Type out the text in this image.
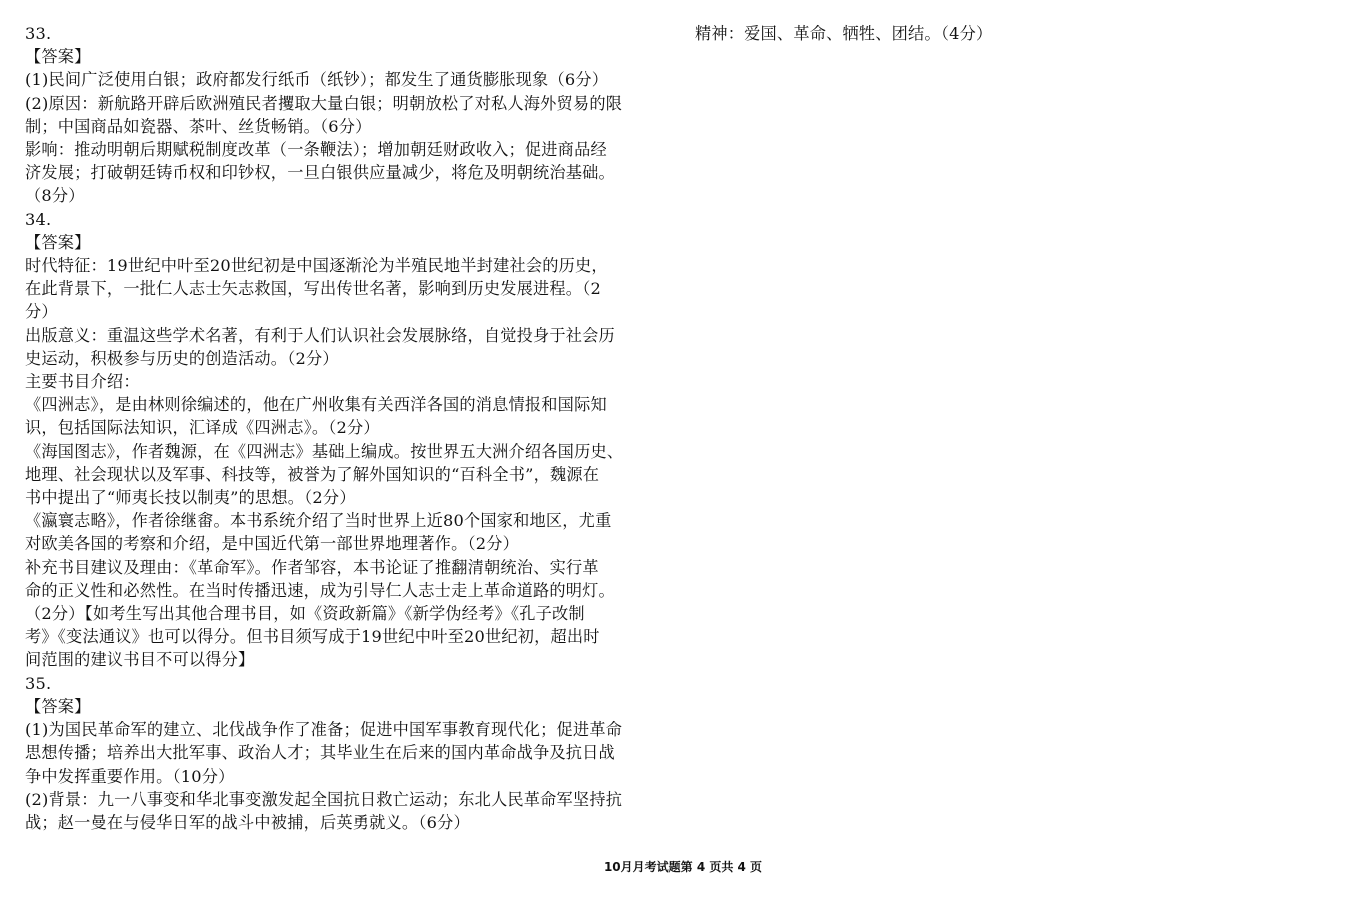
33.
【答案】
(1)民间广泛使用白银；政府都发行纸币（纸钞）；都发生了通货膨胀现象（6分）
(2)原因：新航路开辟后欧洲殖民者攫取大量白银；明朝放松了对私人海外贸易的限
制；中国商品如瓷器、茶叶、丝货畅销。（6分）
影响：推动明朝后期赋税制度改革（一条鞭法）；增加朝廷财政收入；促进商品经
济发展；打破朝廷铸币权和印钞权，一旦白银供应量减少，将危及明朝统治基础。
（8分）
34.
【答案】
时代特征：19世纪中叶至20世纪初是中国逐渐沦为半殖民地半封建社会的历史，
在此背景下，一批仁人志士矢志救国，写出传世名著，影响到历史发展进程。（2
分）
出版意义：重温这些学术名著，有利于人们认识社会发展脉络，自觉投身于社会历
史运动，积极参与历史的创造活动。（2分）
主要书目介绍：
《四洲志》，是由林则徐编述的，他在广州收集有关西洋各国的消息情报和国际知
识，包括国际法知识，汇译成《四洲志》。（2分）
《海国图志》，作者魏源，在《四洲志》基础上编成。按世界五大洲介绍各国历史、
地理、社会现状以及军事、科技等，被誉为了解外国知识的“百科全书”，魏源在
书中提出了“师夷长技以制夷”的思想。（2分）
《瀛寰志略》，作者徐继畬。本书系统介绍了当时世界上近80个国家和地区，尤重
对欧美各国的考察和介绍，是中国近代第一部世界地理著作。（2分）
补充书目建议及理由：《革命军》。作者邹容，本书论证了推翻清朝统治、实行革
命的正义性和必然性。在当时传播迅速，成为引导仁人志士走上革命道路的明灯。
（2分）【如考生写出其他合理书目，如《资政新篇》《新学伪经考》《孔子改制
考》《变法通议》也可以得分。但书目须写成于19世纪中叶至20世纪初，超出时
间范围的建议书目不可以得分】
35.
【答案】
(1)为国民革命军的建立、北伐战争作了准备；促进中国军事教育现代化；促进革命
思想传播；培养出大批军事、政治人才；其毕业生在后来的国内革命战争及抗日战
争中发挥重要作用。（10分）
(2)背景：九一八事变和华北事变激发起全国抗日救亡运动；东北人民革命军坚持抗
战；赵一曼在与侵华日军的战斗中被捕，后英勇就义。（6分）
精神：爱国、革命、牺牲、团结。（4分）
10月月考试题第 4 页共 4 页
